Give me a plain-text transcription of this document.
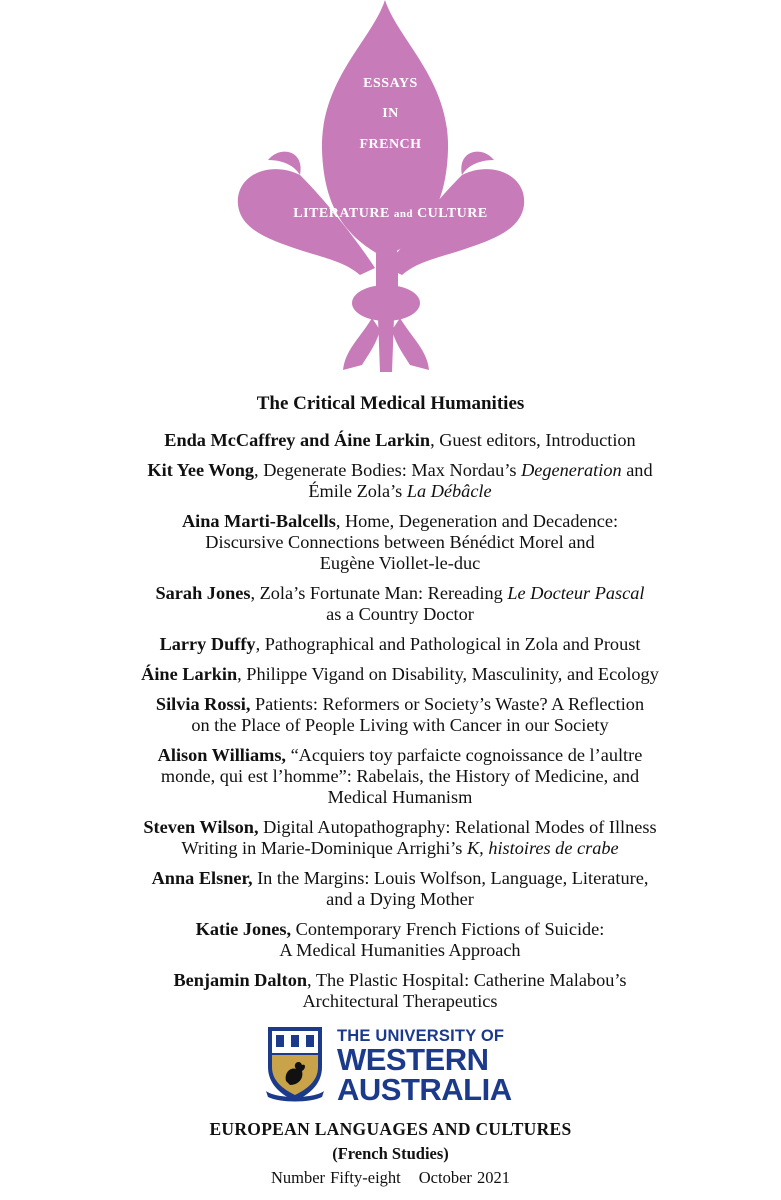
ESSAYS
IN
FRENCH
LITERATURE and CULTURE
The Critical Medical Humanities
Enda McCaffrey and Áine Larkin, Guest editors, Introduction
Kit Yee Wong, Degenerate Bodies: Max Nordau’s Degeneration and
Émile Zola’s La Débâcle
Aina Marti-Balcells, Home, Degeneration and Decadence:
Discursive Connections between Bénédict Morel and
Eugène Viollet-le-duc
Sarah Jones, Zola’s Fortunate Man: Rereading Le Docteur Pascal
as a Country Doctor
Larry Duffy, Pathographical and Pathological in Zola and Proust
Áine Larkin, Philippe Vigand on Disability, Masculinity, and Ecology
Silvia Rossi, Patients: Reformers or Society’s Waste? A Reflection
on the Place of People Living with Cancer in our Society
Alison Williams, “Acquiers toy parfaicte cognoissance de l’aultre
monde, qui est l’homme”: Rabelais, the History of Medicine, and
Medical Humanism
Steven Wilson, Digital Autopathography: Relational Modes of Illness
Writing in Marie-Dominique Arrighi’s K, histoires de crabe
Anna Elsner, In the Margins: Louis Wolfson, Language, Literature,
and a Dying Mother
Katie Jones, Contemporary French Fictions of Suicide:
A Medical Humanities Approach
Benjamin Dalton, The Plastic Hospital: Catherine Malabou’s
Architectural Therapeutics
THE UNIVERSITY OF
WESTERN
AUSTRALIA
EUROPEAN LANGUAGES AND CULTURES
(French Studies)
Number Fifty-eight October 2021
